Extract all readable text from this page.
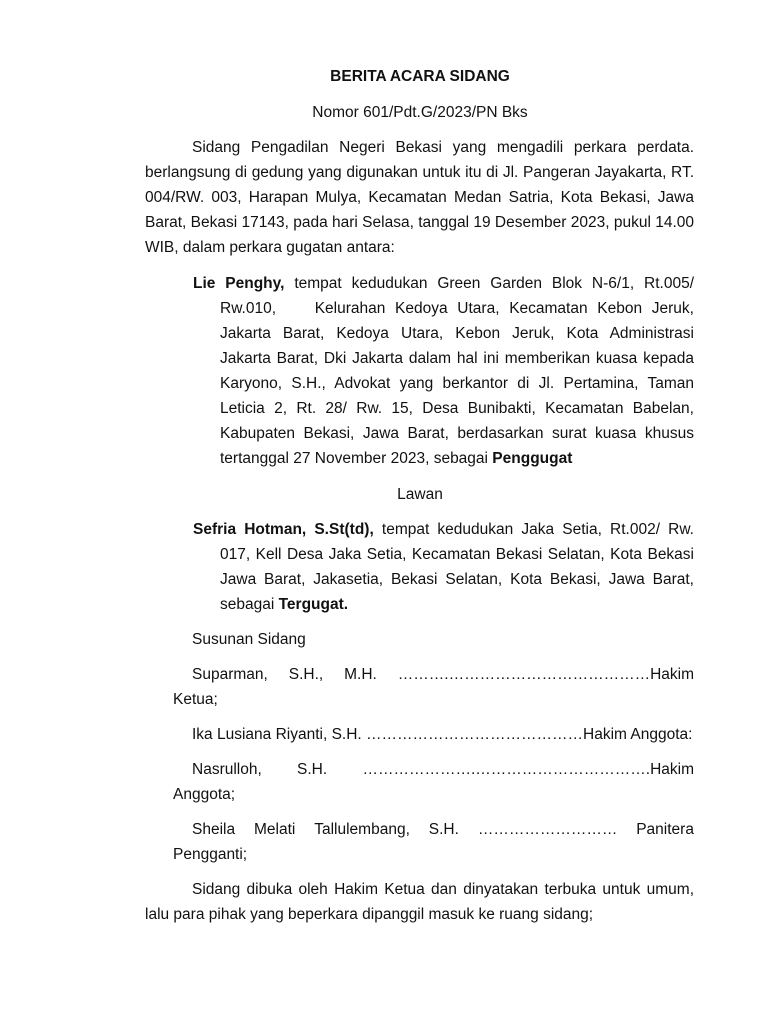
BERITA ACARA SIDANG
Nomor 601/Pdt.G/2023/PN Bks
Sidang Pengadilan Negeri Bekasi yang mengadili perkara perdata. berlangsung di gedung yang digunakan untuk itu di Jl. Pangeran Jayakarta, RT. 004/RW. 003, Harapan Mulya, Kecamatan Medan Satria, Kota Bekasi, Jawa Barat, Bekasi 17143, pada hari Selasa, tanggal 19 Desember 2023, pukul 14.00 WIB, dalam perkara gugatan antara:
Lie Penghy, tempat kedudukan Green Garden Blok N-6/1, Rt.005/ Rw.010,    Kelurahan Kedoya Utara, Kecamatan Kebon Jeruk, Jakarta Barat, Kedoya Utara, Kebon Jeruk, Kota Administrasi Jakarta Barat, Dki Jakarta dalam hal ini memberikan kuasa kepada Karyono, S.H., Advokat yang berkantor di Jl. Pertamina, Taman Leticia 2, Rt. 28/ Rw. 15, Desa Bunibakti, Kecamatan Babelan, Kabupaten Bekasi, Jawa Barat, berdasarkan surat kuasa khusus tertanggal 27 November 2023, sebagai Penggugat
Lawan
Sefria Hotman, S.St(td), tempat kedudukan Jaka Setia, Rt.002/ Rw. 017, Kell Desa Jaka Setia, Kecamatan Bekasi Selatan, Kota Bekasi Jawa Barat, Jakasetia, Bekasi Selatan, Kota Bekasi, Jawa Barat, sebagai Tergugat.
Susunan Sidang
Suparman, S.H., M.H. ……….…………………………………Hakim
Ketua;
Ika Lusiana Riyanti, S.H. ……………………………………Hakim Anggota:
Nasrulloh, S.H. ………………….…………………………….Hakim
Anggota;
Sheila Melati Tallulembang, S.H. ……………………… Panitera
Pengganti;
Sidang dibuka oleh Hakim Ketua dan dinyatakan terbuka untuk umum, lalu para pihak yang beperkara dipanggil masuk ke ruang sidang;
